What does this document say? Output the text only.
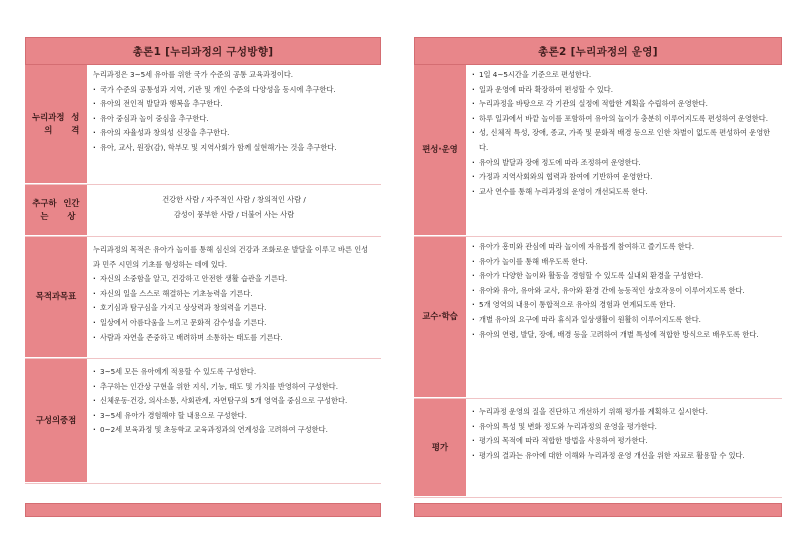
총론1 [누리과정의 구성방향]
누리과정의
성격

누리과정은 3~5세 유아를 위한 국가 수준의 공통 교육과정이다.

· 국가 수준의 공통성과 지역, 기관 및 개인 수준의 다양성을 동시에 추구한다.
· 유아의 전인적 발달과 행복을 추구한다.
· 유아 중심과 놀이 중심을 추구한다.
· 유아의 자율성과 창의성 신장을 추구한다.
· 유아, 교사, 원장(감), 학부모 및 지역사회가 함께 실현해가는 것을 추구한다.
추구하는
인간상

건강한 사람 / 자주적인 사람 / 창의적인 사람 /

감성이 풍부한 사람 / 더불어 사는 사람

목적과 목표

누리과정의 목적은 유아가 놀이를 통해 심신의 건강과 조화로운 발달을 이루고 바른 인성과 민주 시민의 기초를 형성하는 데에 있다.

· 자신의 소중함을 알고, 건강하고 안전한 생활 습관을 기른다.
· 자신의 일을 스스로 해결하는 기초능력을 기른다.
· 호기심과 탐구심을 가지고 상상력과 창의력을 기른다.
· 일상에서 아름다움을 느끼고 문화적 감수성을 기른다.
· 사람과 자연을 존중하고 배려하며 소통하는 태도를 기른다.
구성의 중점
· 3~5세 모든 유아에게 적용할 수 있도록 구성한다.
· 추구하는 인간상 구현을 위한 지식, 기능, 태도 및 가치를 반영하여 구성한다.
· 신체운동·건강, 의사소통, 사회관계, 자연탐구의 5개 영역을 중심으로 구성한다.
· 3~5세 유아가 경험해야 할 내용으로 구성한다.
· 0~2세 보육과정 및 초등학교 교육과정과의 연계성을 고려하여 구성한다.
총론2 [누리과정의 운영]
편성 · 운영
· 1일 4~5시간을 기준으로 편성한다.
· 일과 운영에 따라 확장하여 편성할 수 있다.
· 누리과정을 바탕으로 각 기관의 실정에 적합한 계획을 수립하여 운영한다.
· 하루 일과에서 바깥 놀이를 포함하여 유아의 놀이가 충분히 이루어지도록 편성하여 운영한다.
· 성, 신체적 특성, 장애, 종교, 가족 및 문화적 배경 등으로 인한 차별이 없도록 편성하여 운영한다.
· 유아의 발달과 장애 정도에 따라 조정하여 운영한다.
· 가정과 지역사회와의 협력과 참여에 기반하여 운영한다.
· 교사 연수를 통해 누리과정의 운영이 개선되도록 한다.
교수 · 학습
· 유아가 흥미와 관심에 따라 놀이에 자유롭게 참여하고 즐기도록 한다.
· 유아가 놀이를 통해 배우도록 한다.
· 유아가 다양한 놀이와 활동을 경험할 수 있도록 실내외 환경을 구성한다.
· 유아와 유아, 유아와 교사, 유아와 환경 간에 능동적인 상호작용이 이루어지도록 한다.
· 5개 영역의 내용이 통합적으로 유아의 경험과 연계되도록 한다.
· 개별 유아의 요구에 따라 휴식과 일상생활이 원활히 이루어지도록 한다.
· 유아의 연령, 발달, 장애, 배경 등을 고려하여 개별 특성에 적합한 방식으로 배우도록 한다.
평가
· 누리과정 운영의 질을 진단하고 개선하기 위해 평가를 계획하고 실시한다.
· 유아의 특성 및 변화 정도와 누리과정의 운영을 평가한다.
· 평가의 목적에 따라 적합한 방법을 사용하여 평가한다.
· 평가의 결과는 유아에 대한 이해와 누리과정 운영 개선을 위한 자료로 활용할 수 있다.
